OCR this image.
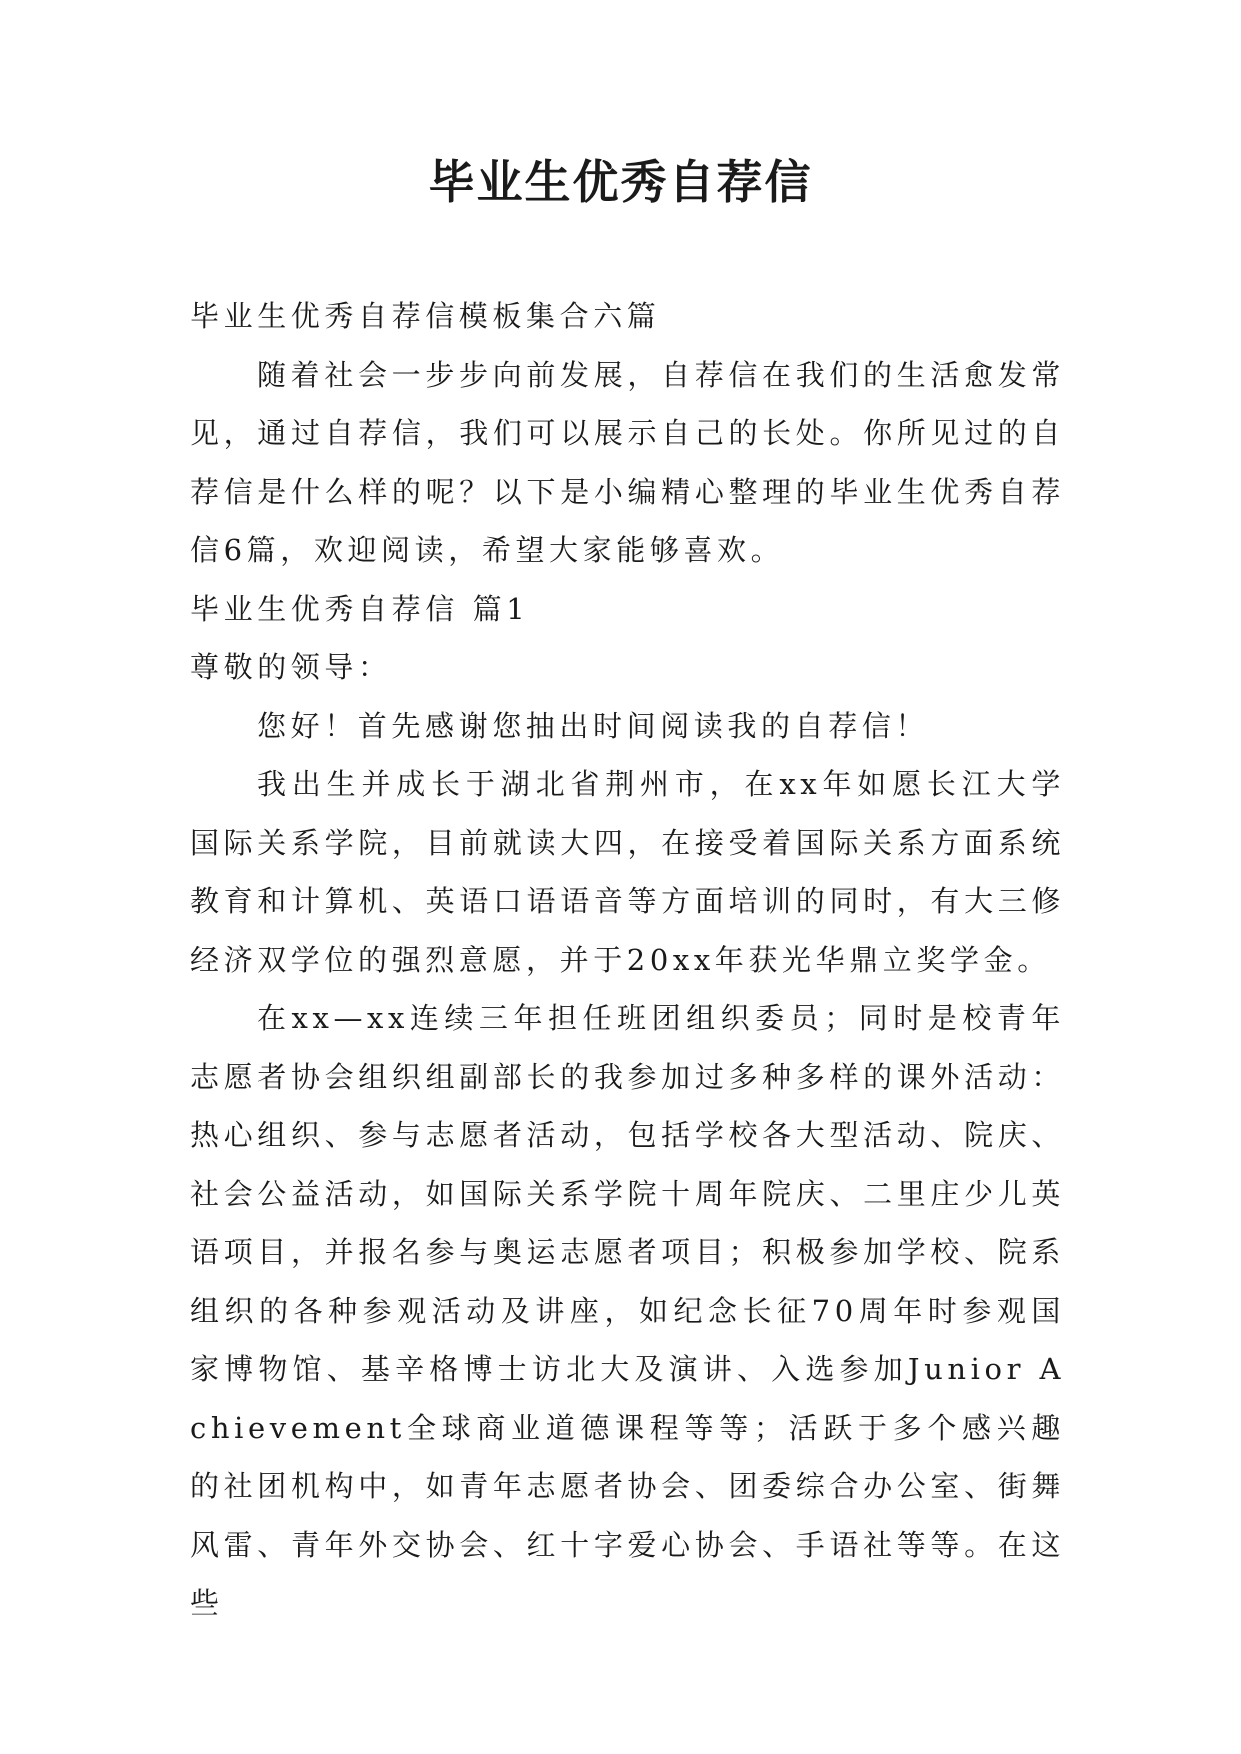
毕业生优秀自荐信

毕业生优秀自荐信模板集合六篇

随着社会一步步向前发展，自荐信在我们的生活愈发常见，通过自荐信，我们可以展示自己的长处。你所见过的自荐信是什么样的呢？以下是小编精心整理的毕业生优秀自荐信6篇，欢迎阅读，希望大家能够喜欢。

毕业生优秀自荐信 篇1

尊敬的领导：

您好！首先感谢您抽出时间阅读我的自荐信！

我出生并成长于湖北省荆州市，在xx年如愿长江大学国际关系学院，目前就读大四，在接受着国际关系方面系统教育和计算机、英语口语语音等方面培训的同时，有大三修经济双学位的强烈意愿，并于20xx年获光华鼎立奖学金。

在xx—xx连续三年担任班团组织委员；同时是校青年志愿者协会组织组副部长的我参加过多种多样的课外活动：热心组织、参与志愿者活动，包括学校各大型活动、院庆、社会公益活动，如国际关系学院十周年院庆、二里庄少儿英语项目，并报名参与奥运志愿者项目；积极参加学校、院系组织的各种参观活动及讲座，如纪念长征70周年时参观国家博物馆、基辛格博士访北大及演讲、入选参加Junior Achievement全球商业道德课程等等；活跃于多个感兴趣的社团机构中，如青年志愿者协会、团委综合办公室、街舞风雷、青年外交协会、红十字爱心协会、手语社等等。在这些
